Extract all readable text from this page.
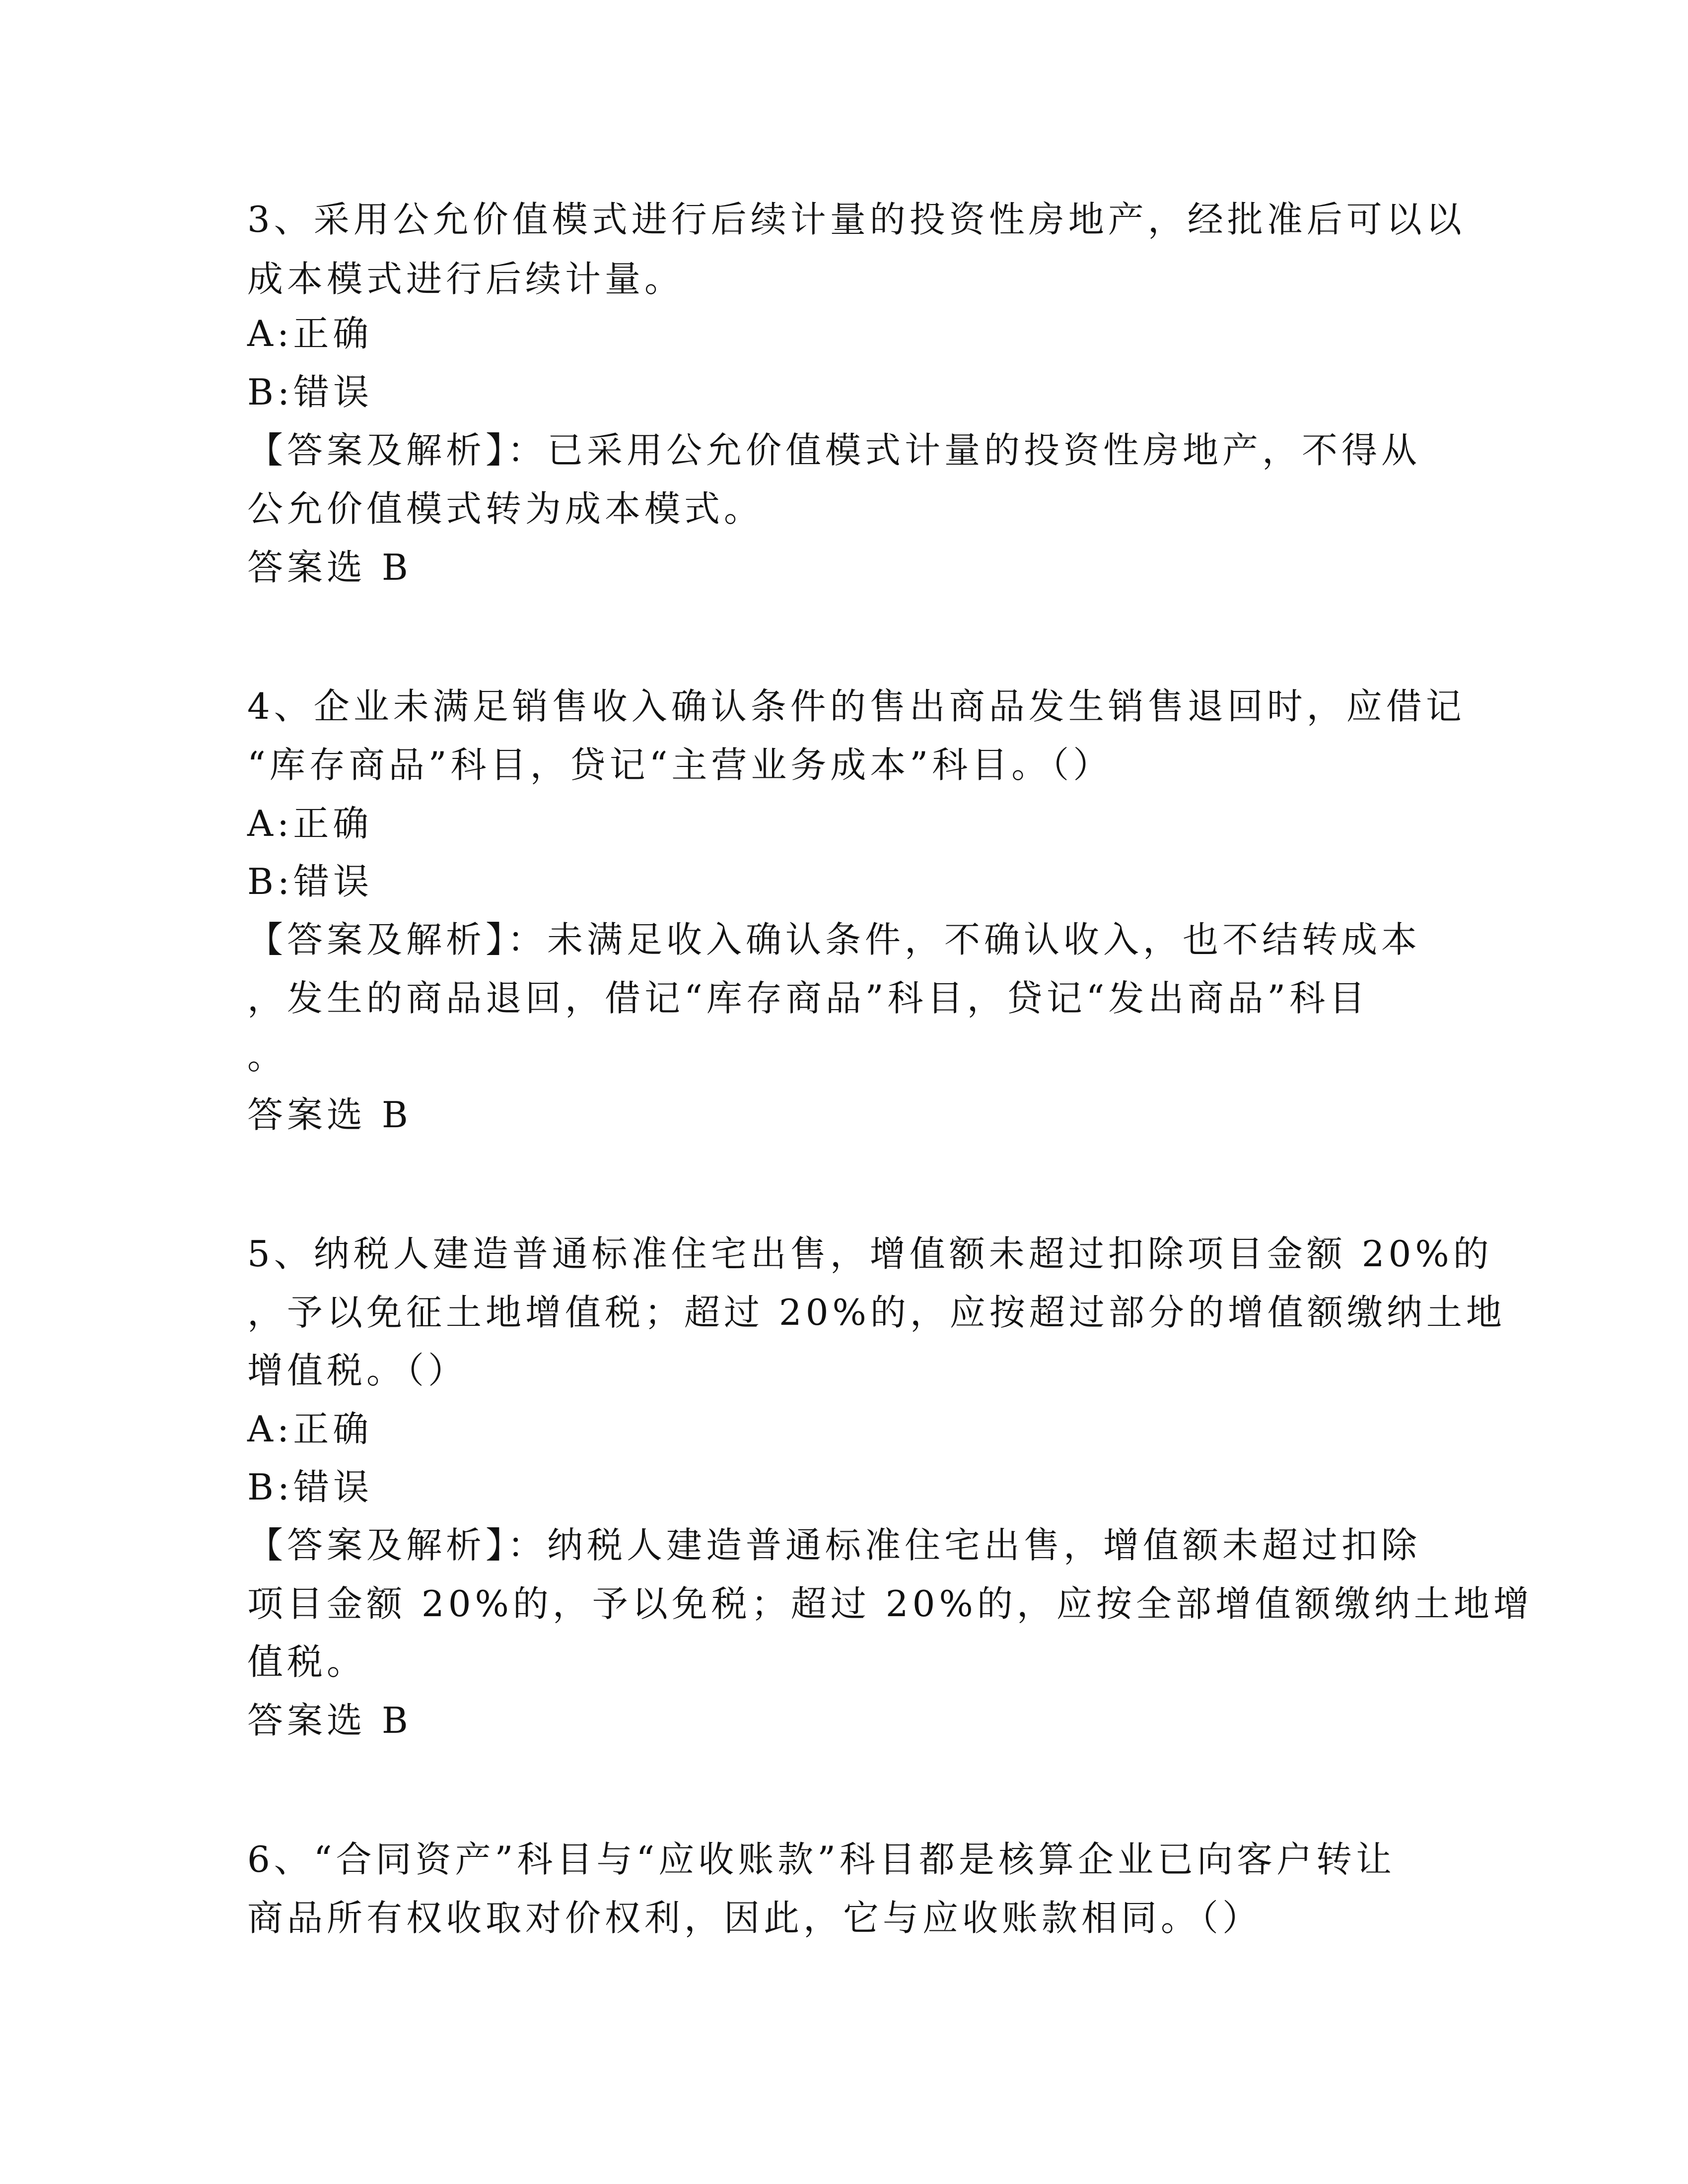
3、采用公允价值模式进行后续计量的投资性房地产，经批准后可以以
成本模式进行后续计量。
A:正确
B:错误
【答案及解析】：已采用公允价值模式计量的投资性房地产，不得从
公允价值模式转为成本模式。
答案选 B
4、企业未满足销售收入确认条件的售出商品发生销售退回时，应借记
“库存商品”科目，贷记“主营业务成本”科目。（）
A:正确
B:错误
【答案及解析】：未满足收入确认条件，不确认收入，也不结转成本
，发生的商品退回，借记“库存商品”科目，贷记“发出商品”科目
。
答案选 B
5、纳税人建造普通标准住宅出售，增值额未超过扣除项目金额 20%的
，予以免征土地增值税；超过 20%的，应按超过部分的增值额缴纳土地
增值税。（）
A:正确
B:错误
【答案及解析】：纳税人建造普通标准住宅出售，增值额未超过扣除
项目金额 20%的，予以免税；超过 20%的，应按全部增值额缴纳土地增
值税。
答案选 B
6、“合同资产”科目与“应收账款”科目都是核算企业已向客户转让
商品所有权收取对价权利，因此，它与应收账款相同。（）
